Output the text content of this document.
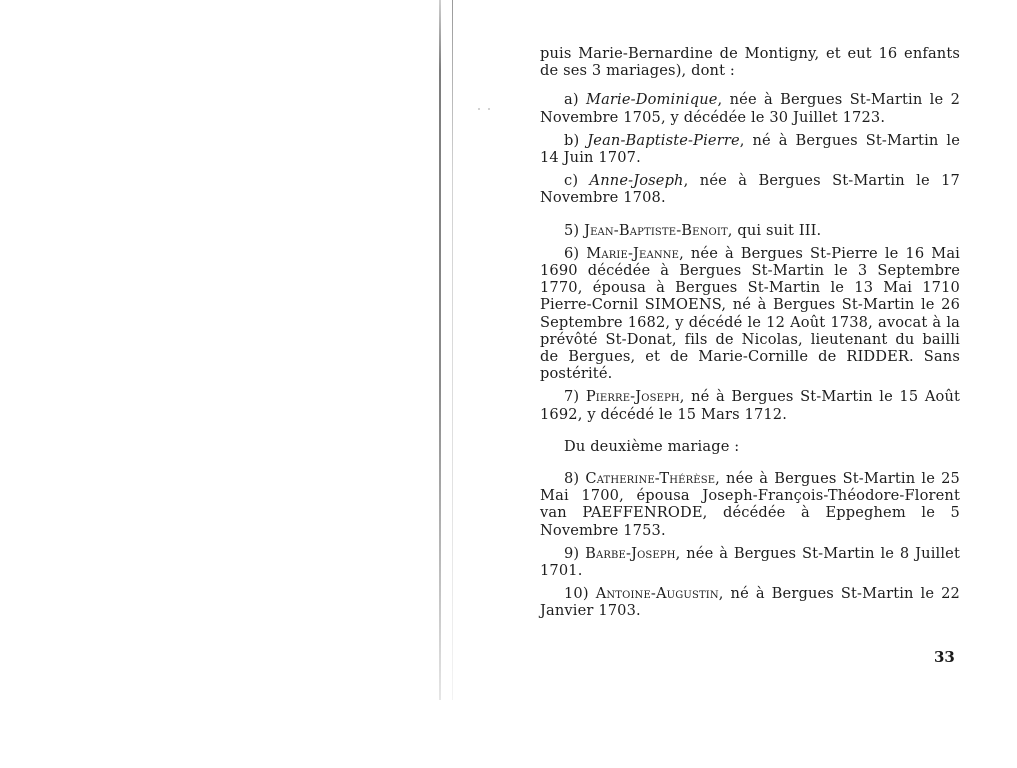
puis Marie-Bernardine de Montigny, et eut 16 enfants de ses 3 mariages), dont :

a) Marie-Dominique, née à Bergues St-Martin le 2 Novembre 1705, y décédée le 30 Juillet 1723.

b) Jean-Baptiste-Pierre, né à Bergues St-Martin le 14 Juin 1707.

c) Anne-Joseph, née à Bergues St-Martin le 17 Novembre 1708.

5) Jean-Baptiste-Benoit, qui suit III.

6) Marie-Jeanne, née à Bergues St-Pierre le 16 Mai 1690 décédée à Bergues St-Martin le 3 Septembre 1770, épousa à Bergues St-Martin le 13 Mai 1710 Pierre-Cornil SIMOENS, né à Bergues St-Martin le 26 Septembre 1682, y décédé le 12 Août 1738, avocat à la prévôté St-Donat, fils de Nicolas, lieutenant du bailli de Bergues, et de Marie-Cornille de RIDDER. Sans postérité.

7) Pierre-Joseph, né à Bergues St-Martin le 15 Août 1692, y décédé le 15 Mars 1712.

Du deuxième mariage :

8) Catherine-Thérèse, née à Bergues St-Martin le 25 Mai 1700, épousa Joseph-François-Théodore-Florent van PAEFFENRODE, décédée à Eppeghem le 5 Novembre 1753.

9) Barbe-Joseph, née à Bergues St-Martin le 8 Juillet 1701.

10) Antoine-Augustin, né à Bergues St-Martin le 22 Janvier 1703.

33
